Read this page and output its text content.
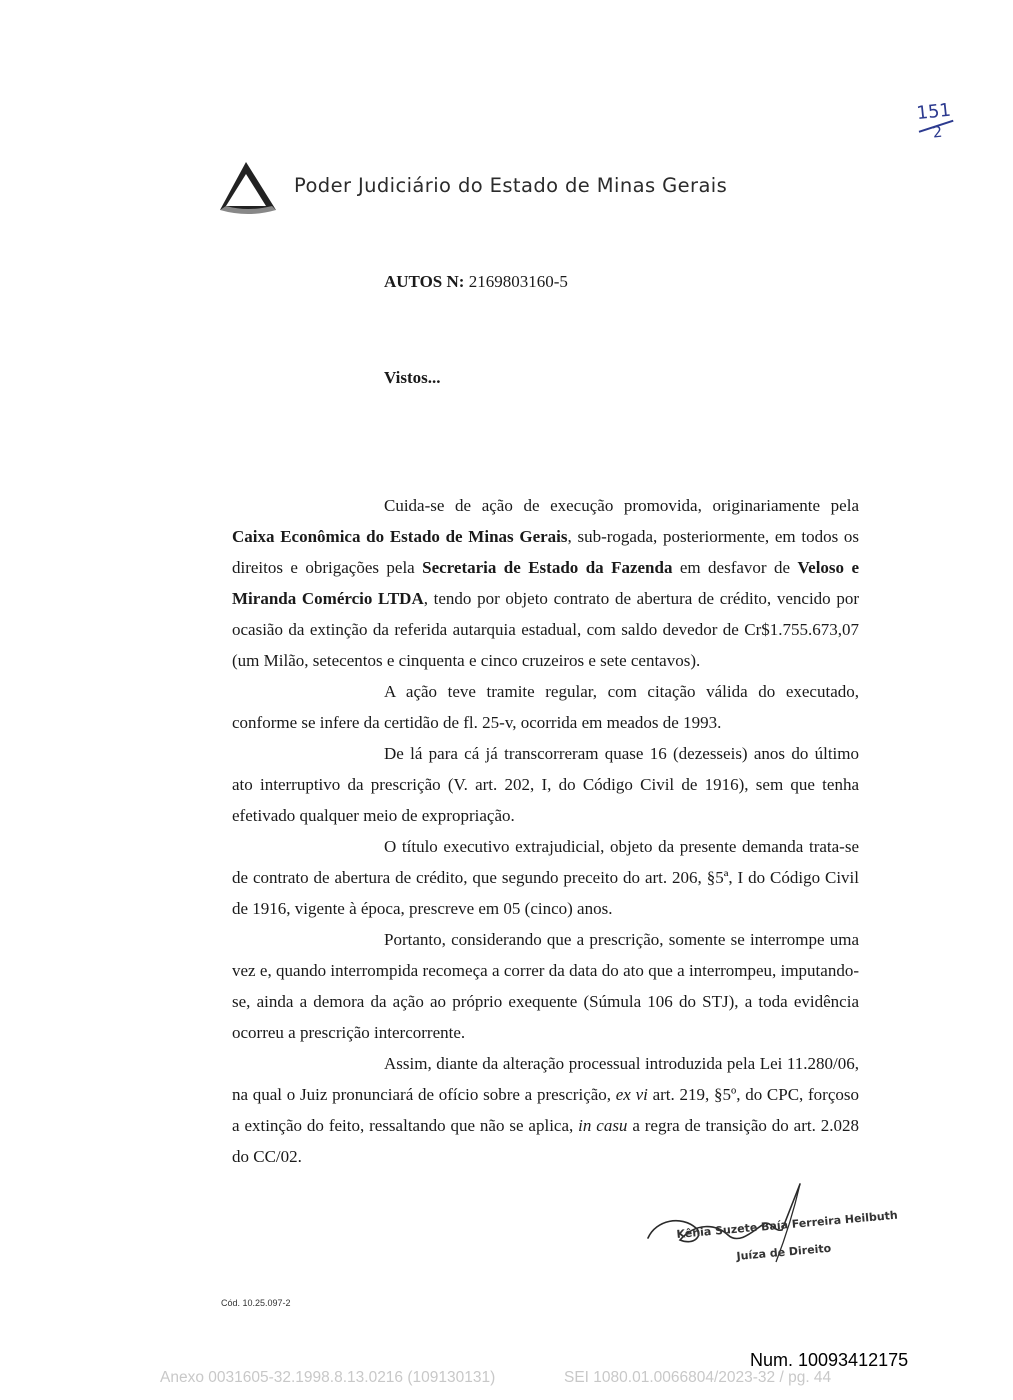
151
2
Poder Judiciário do Estado de Minas Gerais
AUTOS N: 2169803160-5
Vistos...

Cuida-se de ação de execução promovida, originariamente pela Caixa Econômica do Estado de Minas Gerais, sub-rogada, posteriormente, em todos os direitos e obrigações pela Secretaria de Estado da Fazenda em desfavor de Veloso e Miranda Comércio LTDA, tendo por objeto contrato de abertura de crédito, vencido por ocasião da extinção da referida autarquia estadual, com saldo devedor de Cr$1.755.673,07 (um Milão, setecentos e cinquenta e cinco cruzeiros e sete centavos).

A ação teve tramite regular, com citação válida do executado, conforme se infere da certidão de fl. 25-v, ocorrida em meados de 1993.

De lá para cá já transcorreram quase 16 (dezesseis) anos do último ato interruptivo da prescrição (V. art. 202, I, do Código Civil de 1916), sem que tenha efetivado qualquer meio de expropriação.

O título executivo extrajudicial, objeto da presente demanda trata-se de contrato de abertura de crédito, que segundo preceito do art. 206, §5ª, I do Código Civil de 1916, vigente à época, prescreve em 05 (cinco) anos.

Portanto, considerando que a prescrição, somente se interrompe uma vez e, quando interrompida recomeça a correr da data do ato que a interrompeu, imputando-se, ainda a demora da ação ao próprio exequente (Súmula 106 do STJ), a toda evidência ocorreu a prescrição intercorrente.

Assim, diante da alteração processual introduzida pela Lei 11.280/06, na qual o Juiz pronunciará de ofício sobre a prescrição, ex vi art. 219, §5º, do CPC, forçoso a extinção do feito, ressaltando que não se aplica, in casu a regra de transição do art. 2.028 do CC/02.

Kênia Suzete Baía Ferreira Heilbuth
Juíza de Direito
Cód. 10.25.097-2
Num. 10093412175
Anexo 0031605-32.1998.8.13.0216 (109130131)	SEI 1080.01.0066804/2023-32 / pg. 44
